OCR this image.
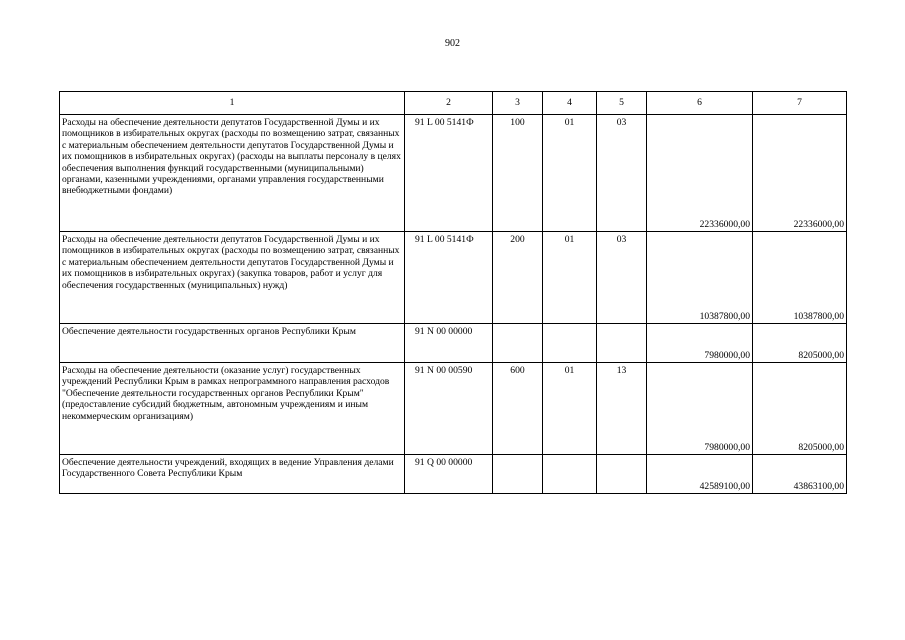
902
1	2	3	4	5	6	7
Расходы на обеспечение деятельности депутатов Государственной Думы и их помощников в избирательных округах (расходы по возмещению затрат, связанных с материальным обеспечением деятельности депутатов Государственной Думы и их помощников в избирательных округах) (расходы на выплаты персоналу в целях обеспечения выполнения функций государственными (муниципальными) органами, казенными учреждениями, органами управления государственными внебюджетными фондами)	91 L 00 5141Ф	100	01	03	22336000,00	22336000,00
Расходы на обеспечение деятельности депутатов Государственной Думы и их помощников в избирательных округах (расходы по возмещению затрат, связанных с материальным обеспечением деятельности депутатов Государственной Думы и их помощников в избирательных округах) (закупка товаров, работ и услуг для обеспечения государственных (муниципальных) нужд)	91 L 00 5141Ф	200	01	03	10387800,00	10387800,00
Обеспечение деятельности государственных органов Республики Крым	91 N 00 00000				7980000,00	8205000,00
Расходы на обеспечение деятельности (оказание услуг) государственных учреждений Республики Крым в рамках непрограммного направления расходов "Обеспечение деятельности государственных органов Республики Крым" (предоставление субсидий бюджетным, автономным учреждениям и иным некоммерческим организациям)	91 N 00 00590	600	01	13	7980000,00	8205000,00
Обеспечение деятельности учреждений, входящих в ведение Управления делами Государственного Совета Республики Крым	91 Q 00 00000				42589100,00	43863100,00
